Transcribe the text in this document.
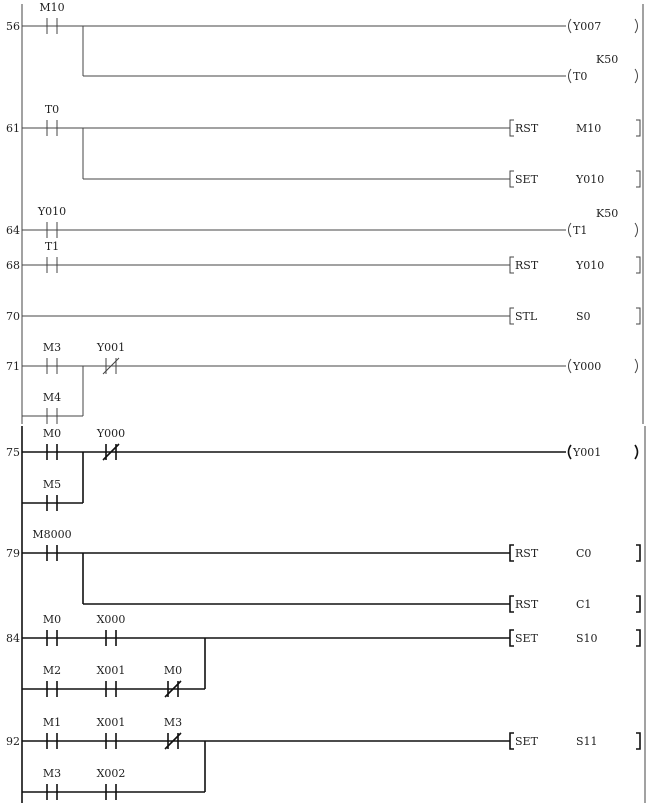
56
M10
Y007
T0
K50
61
T0
RST	M10
SET	Y010
64
Y010
T1
K50
68
T1
RST	Y010
70	STL	S0
71
M3	Y001
M4
Y000
75
M0	Y000
M5
Y001
79
M8000
RST	C0
RST	C1
84
M0	X000
M2	X001	M0
SET	S10
92
M1	X001	M3
M3	X002
SET	S11
